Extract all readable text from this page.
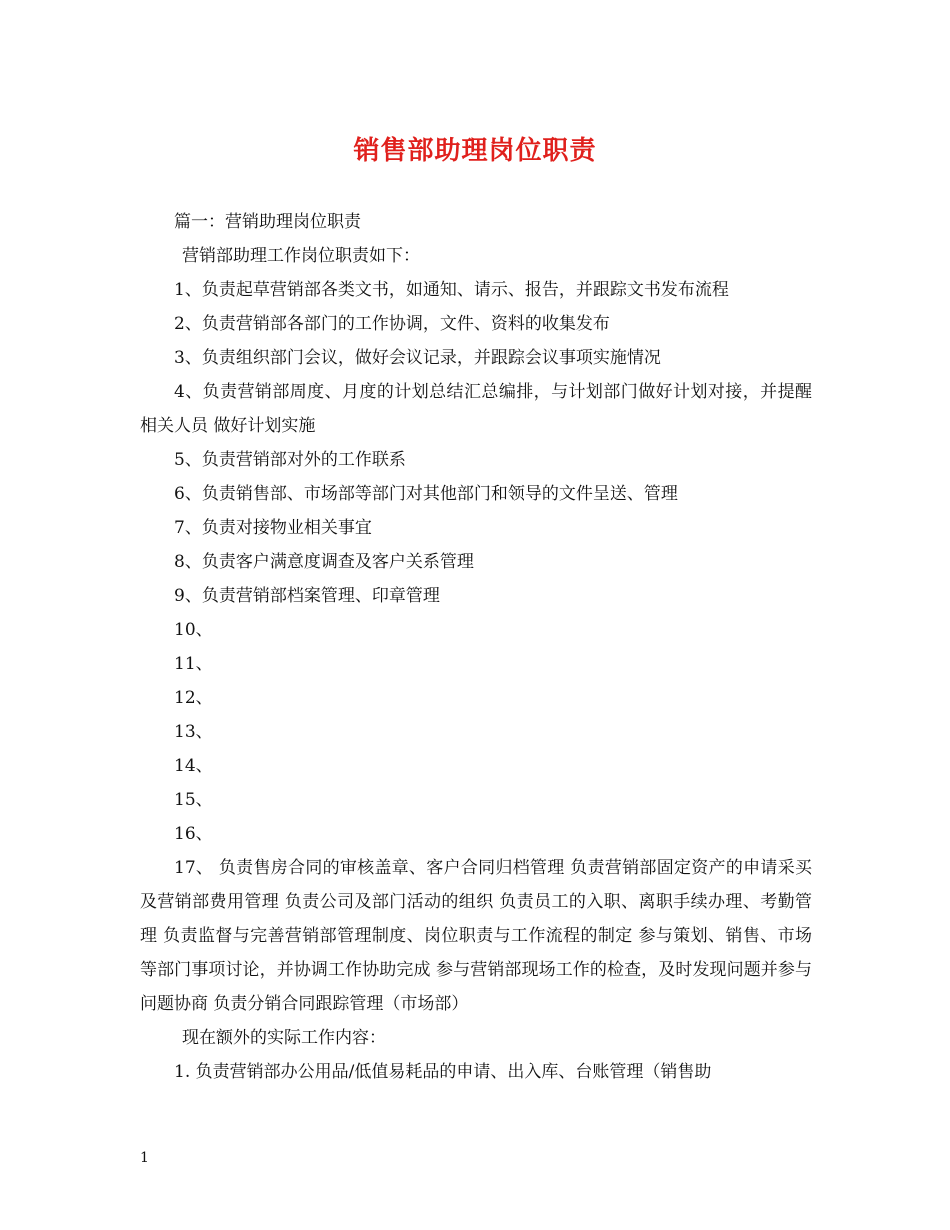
销售部助理岗位职责

篇一：营销助理岗位职责

营销部助理工作岗位职责如下：

1、负责起草营销部各类文书，如通知、请示、报告，并跟踪文书发布流程

2、负责营销部各部门的工作协调，文件、资料的收集发布

3、负责组织部门会议，做好会议记录，并跟踪会议事项实施情况

4、负责营销部周度、月度的计划总结汇总编排，与计划部门做好计划对接，并提醒相关人员 做好计划实施

5、负责营销部对外的工作联系

6、负责销售部、市场部等部门对其他部门和领导的文件呈送、管理

7、负责对接物业相关事宜

8、负责客户满意度调查及客户关系管理

9、负责营销部档案管理、印章管理

10、

11、

12、

13、

14、

15、

16、

17、 负责售房合同的审核盖章、客户合同归档管理 负责营销部固定资产的申请采买及营销部费用管理 负责公司及部门活动的组织 负责员工的入职、离职手续办理、考勤管理 负责监督与完善营销部管理制度、岗位职责与工作流程的制定 参与策划、销售、市场等部门事项讨论，并协调工作协助完成 参与营销部现场工作的检查，及时发现问题并参与问题协商 负责分销合同跟踪管理（市场部）

现在额外的实际工作内容：

1. 负责营销部办公用品/低值易耗品的申请、出入库、台账管理（销售助

1
